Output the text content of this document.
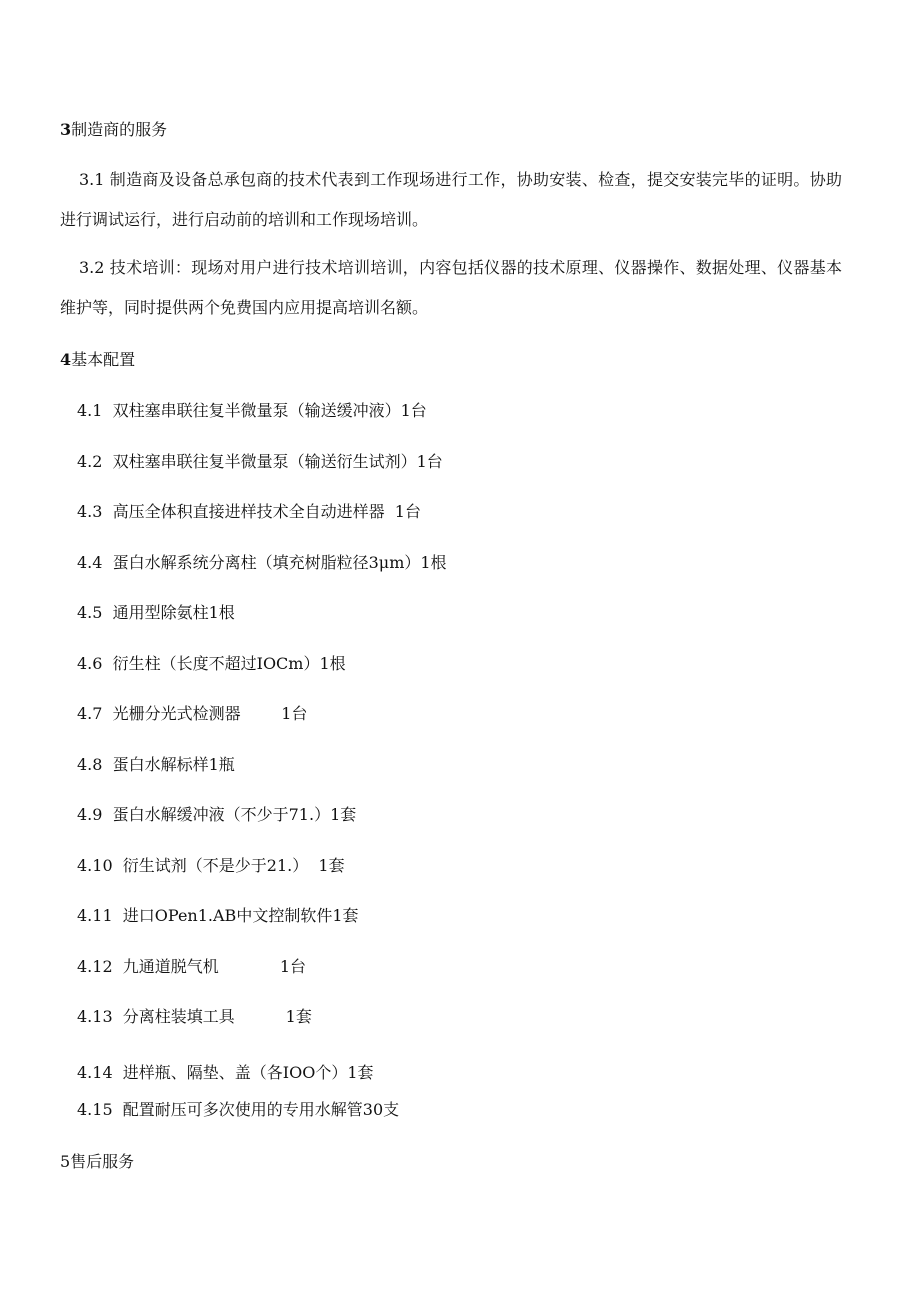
3制造商的服务
3.1 制造商及设备总承包商的技术代表到工作现场进行工作，协助安装、检查，提交安装完毕的证明。协助进行调试运行，进行启动前的培训和工作现场培训。
3.2 技术培训：现场对用户进行技术培训培训，内容包括仪器的技术原理、仪器操作、数据处理、仪器基本维护等，同时提供两个免费国内应用提高培训名额。
4基本配置
4.1  双柱塞串联往复半微量泵（输送缓冲液）1台
4.2  双柱塞串联往复半微量泵（输送衍生试剂）1台
4.3  高压全体积直接进样技术全自动进样器  1台
4.4  蛋白水解系统分离柱（填充树脂粒径3μm）1根
4.5  通用型除氨柱1根
4.6  衍生柱（长度不超过IOCm）1根
4.7  光栅分光式检测器        1台
4.8  蛋白水解标样1瓶
4.9  蛋白水解缓冲液（不少于71.）1套
4.10  衍生试剂（不是少于21.）  1套
4.11  进口OPen1.AB中文控制软件1套
4.12  九通道脱气机            1台
4.13  分离柱装填工具          1套
4.14  进样瓶、隔垫、盖（各IOO个）1套
4.15  配置耐压可多次使用的专用水解管30支
5售后服务
